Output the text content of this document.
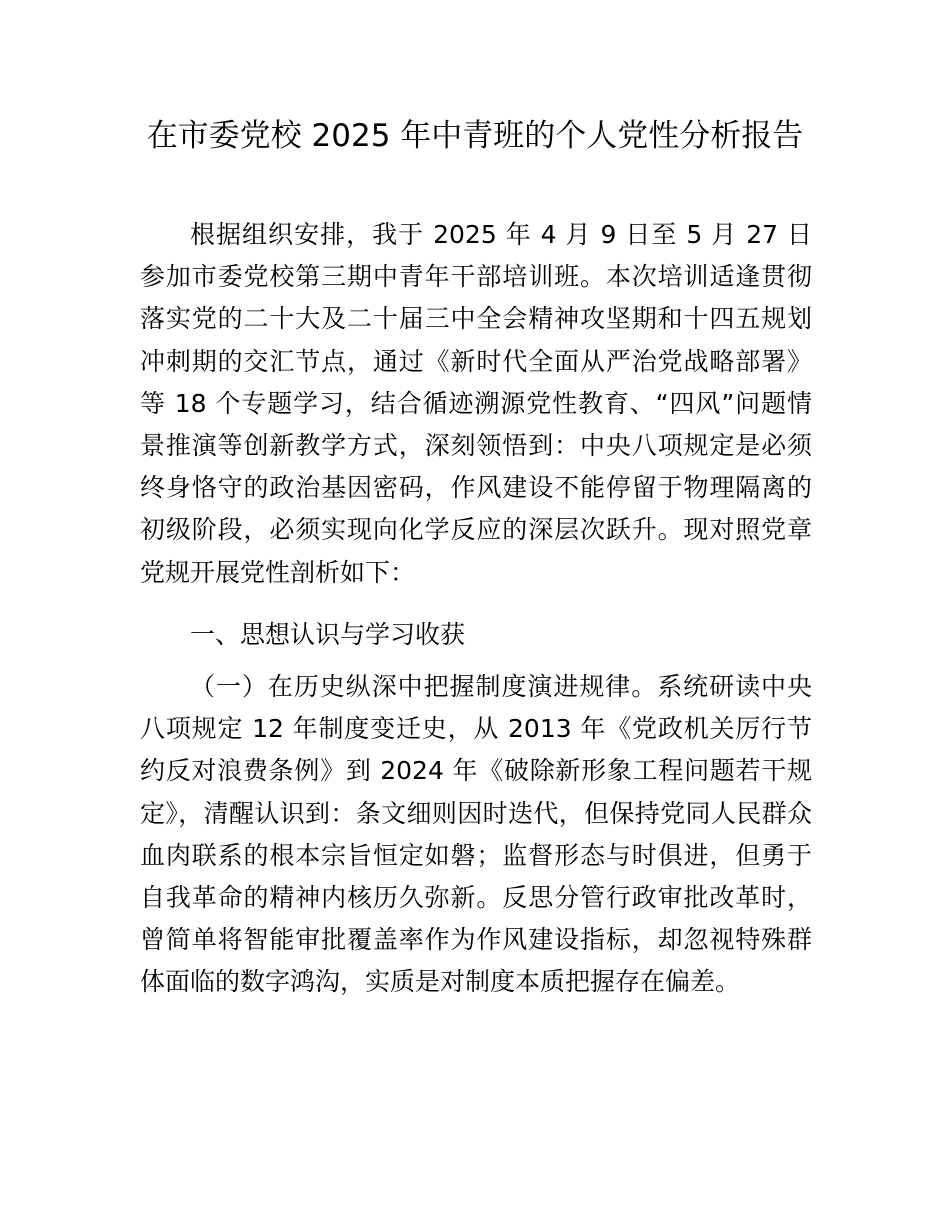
在市委党校 2025 年中青班的个人党性分析报告

根据组织安排，我于 2025 年 4 月 9 日至 5 月 27 日参加市委党校第三期中青年干部培训班。本次培训适逢贯彻落实党的二十大及二十届三中全会精神攻坚期和十四五规划冲刺期的交汇节点，通过《新时代全面从严治党战略部署》等 18 个专题学习，结合循迹溯源党性教育、“四风”问题情景推演等创新教学方式，深刻领悟到：中央八项规定是必须终身恪守的政治基因密码，作风建设不能停留于物理隔离的初级阶段，必须实现向化学反应的深层次跃升。现对照党章党规开展党性剖析如下：

一、思想认识与学习收获

（一）在历史纵深中把握制度演进规律。系统研读中央八项规定 12 年制度变迁史，从 2013 年《党政机关厉行节约反对浪费条例》到 2024 年《破除新形象工程问题若干规定》，清醒认识到：条文细则因时迭代，但保持党同人民群众血肉联系的根本宗旨恒定如磐；监督形态与时俱进，但勇于自我革命的精神内核历久弥新。反思分管行政审批改革时，曾简单将智能审批覆盖率作为作风建设指标，却忽视特殊群体面临的数字鸿沟，实质是对制度本质把握存在偏差。
